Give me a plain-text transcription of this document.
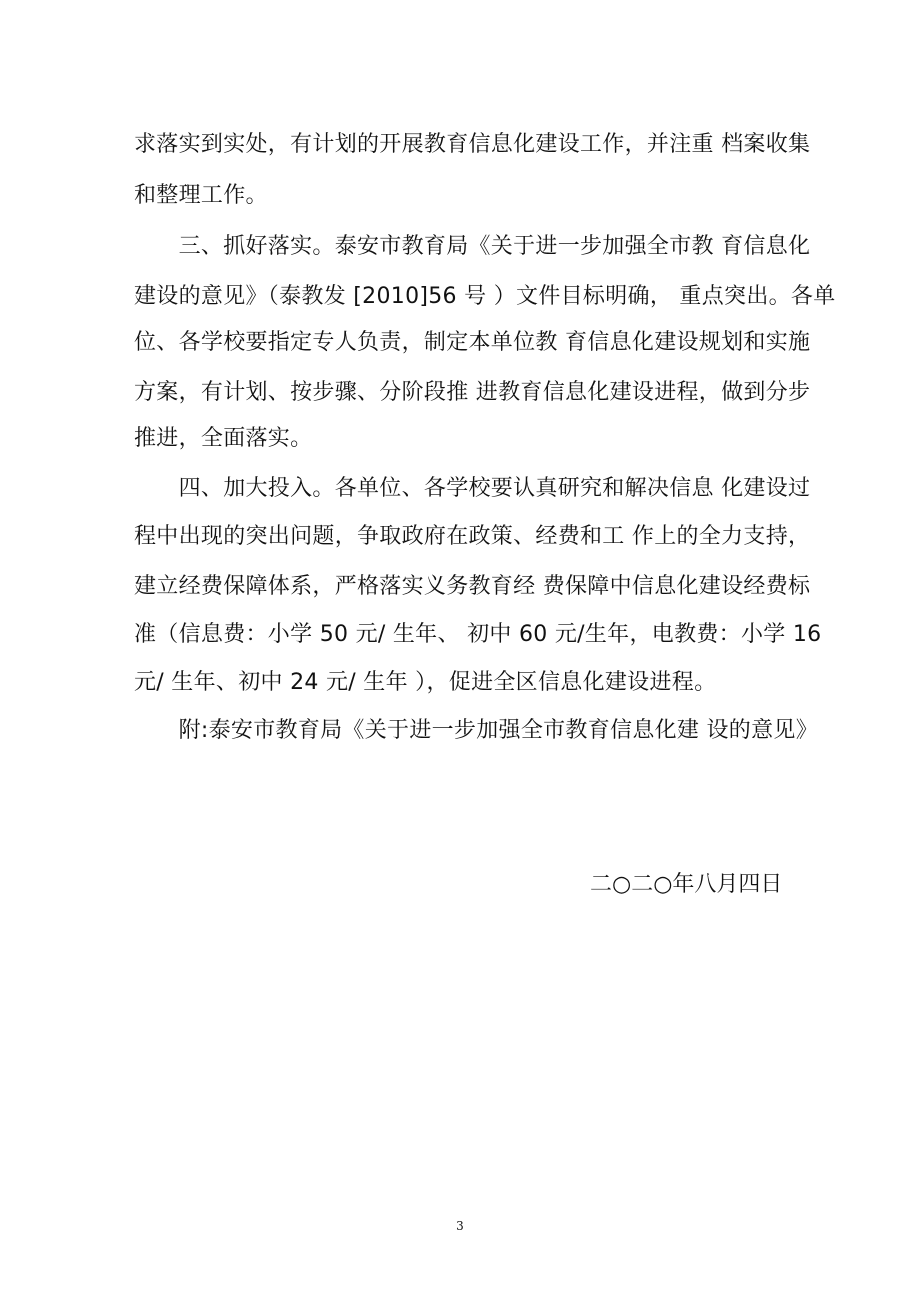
求落实到实处，有计划的开展教育信息化建设工作，并注重 档案收集
和整理工作。
　　三、抓好落实。泰安市教育局《关于进一步加强全市教 育信息化
建设的意见》（泰教发 [2010]56 号 ）文件目标明确， 重点突出。各单
位、各学校要指定专人负责，制定本单位教 育信息化建设规划和实施
方案，有计划、按步骤、分阶段推 进教育信息化建设进程，做到分步
推进，全面落实。
　　四、加大投入。各单位、各学校要认真研究和解决信息 化建设过
程中出现的突出问题，争取政府在政策、经费和工 作上的全力支持，
建立经费保障体系，严格落实义务教育经 费保障中信息化建设经费标
准（信息费：小学 50 元/ 生年、 初中 60 元/生年，电教费：小学 16
元/ 生年、初中 24 元/ 生年 ），促进全区信息化建设进程。
　　附:泰安市教育局《关于进一步加强全市教育信息化建 设的意见》
二○二○年八月四日
3
